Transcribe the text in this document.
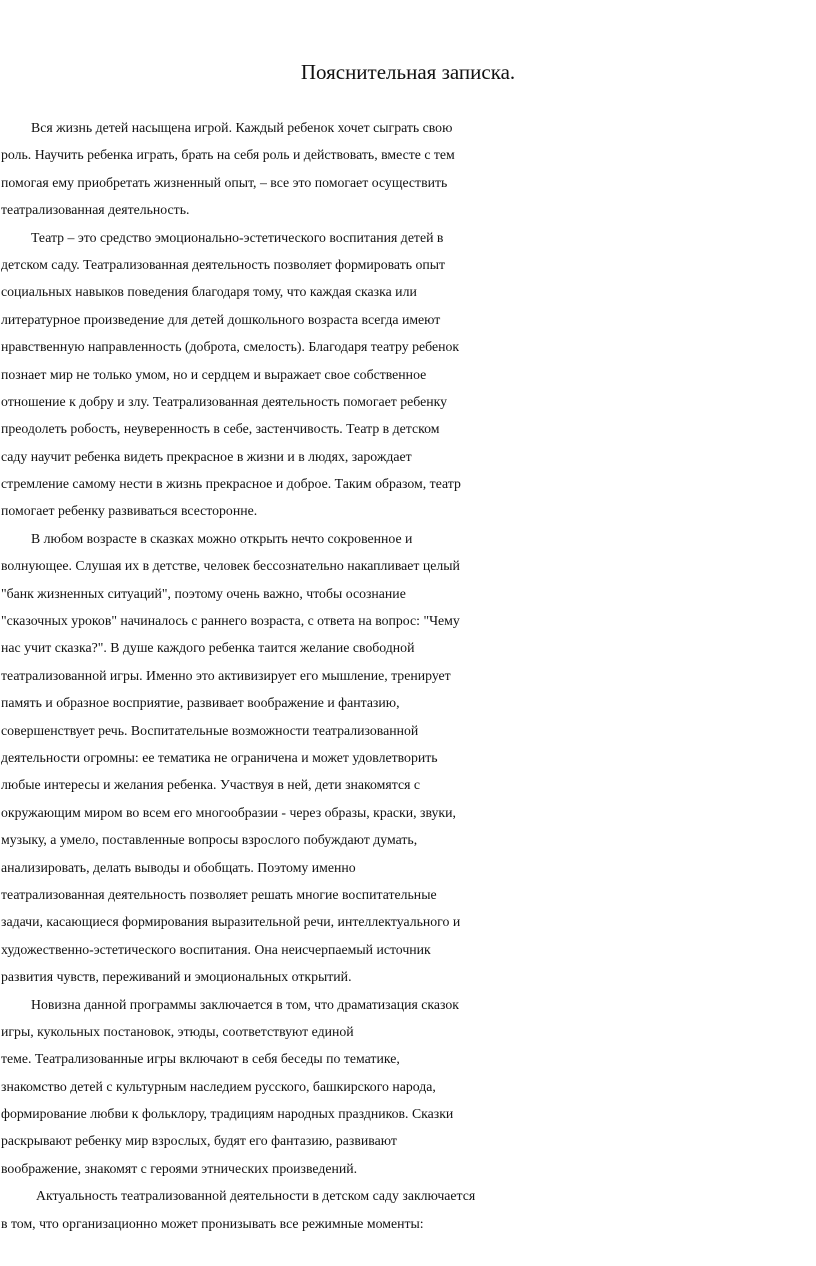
Пояснительная записка.
Вся жизнь детей насыщена игрой. Каждый ребенок хочет сыграть свою
роль. Научить ребенка играть, брать на себя роль и действовать, вместе с тем
помогая ему приобретать жизненный опыт, – все это помогает осуществить
театрализованная деятельность.
Театр – это средство эмоционально-эстетического воспитания детей в
детском саду. Театрализованная деятельность позволяет формировать опыт
социальных навыков поведения благодаря тому, что каждая сказка или
литературное произведение для детей дошкольного возраста всегда имеют
нравственную направленность (доброта, смелость). Благодаря театру ребенок
познает мир не только умом, но и сердцем и выражает свое собственное
отношение к добру и злу. Театрализованная деятельность помогает ребенку
преодолеть робость, неуверенность в себе, застенчивость. Театр в детском
саду научит ребенка видеть прекрасное в жизни и в людях, зарождает
стремление самому нести в жизнь прекрасное и доброе. Таким образом, театр
помогает ребенку развиваться всесторонне.
В любом возрасте в сказках можно открыть нечто сокровенное и
волнующее. Слушая их в детстве, человек бессознательно накапливает целый
"банк жизненных ситуаций", поэтому очень важно, чтобы осознание
"сказочных уроков" начиналось с раннего возраста, с ответа на вопрос: "Чему
нас учит сказка?". В душе каждого ребенка таится желание свободной
театрализованной игры. Именно это активизирует его мышление, тренирует
память и образное восприятие, развивает воображение и фантазию,
совершенствует речь. Воспитательные возможности театрализованной
деятельности огромны: ее тематика не ограничена и может удовлетворить
любые интересы и желания ребенка. Участвуя в ней, дети знакомятся с
окружающим миром во всем его многообразии - через образы, краски, звуки,
музыку, а умело, поставленные вопросы взрослого побуждают думать,
анализировать, делать выводы и обобщать. Поэтому именно
театрализованная деятельность позволяет решать многие воспитательные
задачи, касающиеся формирования выразительной речи, интеллектуального и
художественно-эстетического воспитания. Она неисчерпаемый источник
развития чувств, переживаний и эмоциональных открытий.
Новизна данной программы заключается в том, что драматизация сказок
игры, кукольных постановок, этюды, соответствуют единой
теме. Театрализованные игры включают в себя беседы по тематике,
знакомство детей с культурным наследием русского, башкирского народа,
формирование любви к фольклору, традициям народных праздников. Сказки
раскрывают ребенку мир взрослых, будят его фантазию, развивают
воображение, знакомят с героями этнических произведений.
Актуальность театрализованной деятельности в детском саду заключается
в том, что организационно может пронизывать все режимные моменты:
